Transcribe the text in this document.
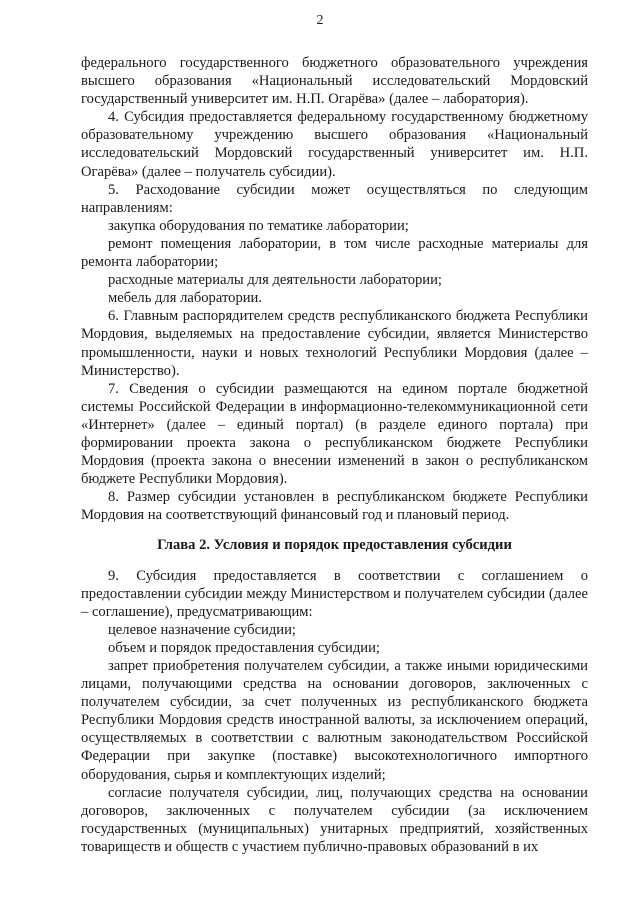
2

федерального государственного бюджетного образовательного учреждения высшего образования «Национальный исследовательский Мордовский государственный университет им. Н.П. Огарёва» (далее – лаборатория).

4. Субсидия предоставляется федеральному государственному бюджетному образовательному учреждению высшего образования «Национальный исследовательский Мордовский государственный университет им. Н.П. Огарёва» (далее – получатель субсидии).

5. Расходование субсидии может осуществляться по следующим направлениям:

закупка оборудования по тематике лаборатории;

ремонт помещения лаборатории, в том числе расходные материалы для ремонта лаборатории;

расходные материалы для деятельности лаборатории;

мебель для лаборатории.

6. Главным распорядителем средств республиканского бюджета Республики Мордовия, выделяемых на предоставление субсидии, является Министерство промышленности, науки и новых технологий Республики Мордовия (далее – Министерство).

7. Сведения о субсидии размещаются на едином портале бюджетной системы Российской Федерации в информационно-телекоммуникационной сети «Интернет» (далее – единый портал) (в разделе единого портала) при формировании проекта закона о республиканском бюджете Республики Мордовия (проекта закона о внесении изменений в закон о республиканском бюджете Республики Мордовия).

8. Размер субсидии установлен в республиканском бюджете Республики Мордовия на соответствующий финансовый год и плановый период.

Глава 2. Условия и порядок предоставления субсидии

9. Субсидия предоставляется в соответствии с соглашением о предоставлении субсидии между Министерством и получателем субсидии (далее – соглашение), предусматривающим:

целевое назначение субсидии;

объем и порядок предоставления субсидии;

запрет приобретения получателем субсидии, а также иными юридическими лицами, получающими средства на основании договоров, заключенных с получателем субсидии, за счет полученных из республиканского бюджета Республики Мордовия средств иностранной валюты, за исключением операций, осуществляемых в соответствии с валютным законодательством Российской Федерации при закупке (поставке) высокотехнологичного импортного оборудования, сырья и комплектующих изделий;

согласие получателя субсидии, лиц, получающих средства на основании договоров, заключенных с получателем субсидии (за исключением государственных (муниципальных) унитарных предприятий, хозяйственных товариществ и обществ с участием публично-правовых образований в их
